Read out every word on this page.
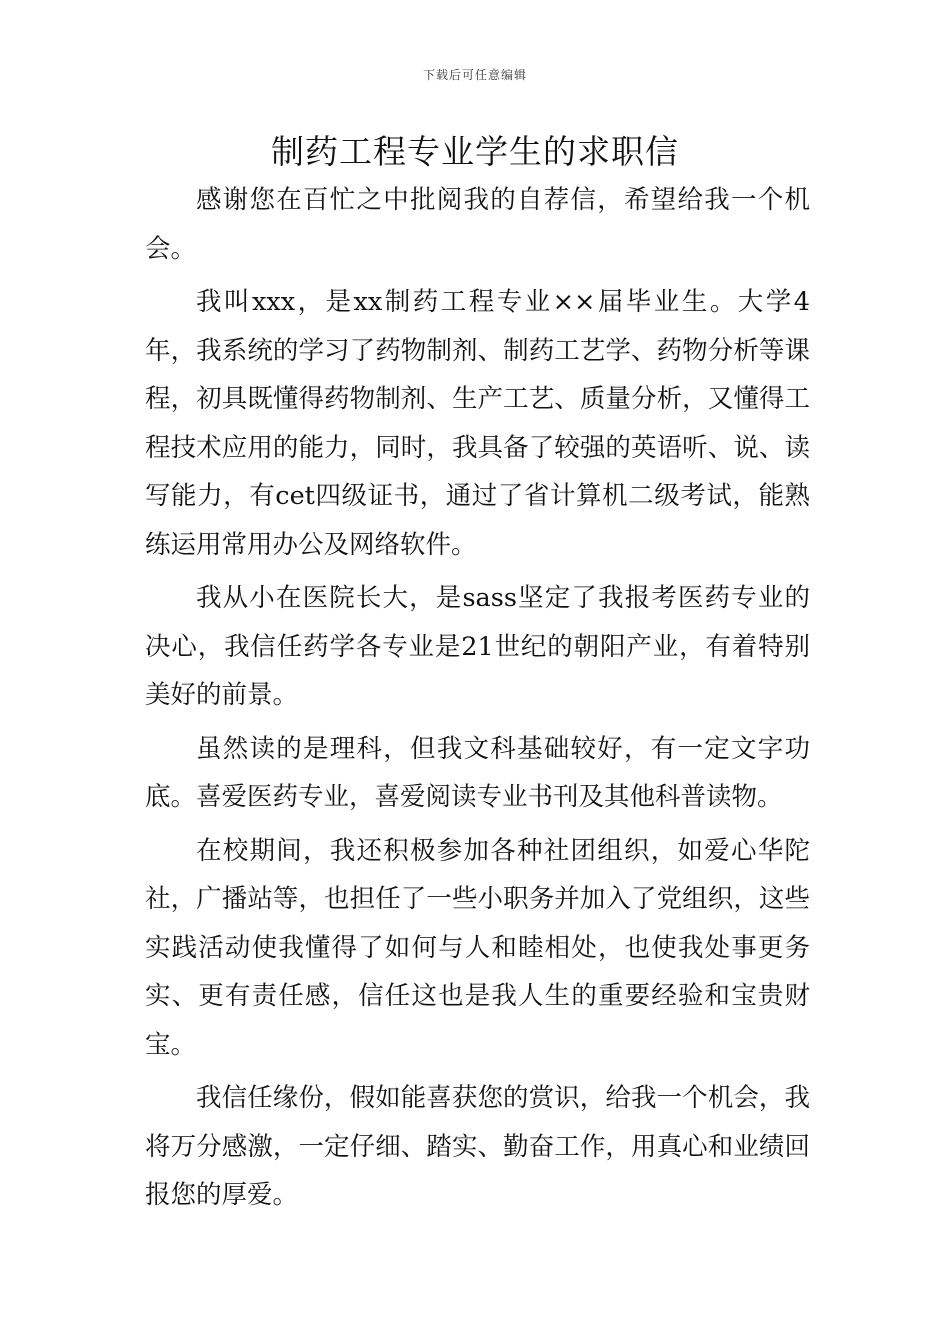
下载后可任意编辑
制药工程专业学生的求职信

感谢您在百忙之中批阅我的自荐信，希望给我一个机会。

我叫xxx，是xx制药工程专业××届毕业生。大学4年，我系统的学习了药物制剂、制药工艺学、药物分析等课程，初具既懂得药物制剂、生产工艺、质量分析，又懂得工程技术应用的能力，同时，我具备了较强的英语听、说、读写能力，有cet四级证书，通过了省计算机二级考试，能熟练运用常用办公及网络软件。

我从小在医院长大，是sass坚定了我报考医药专业的决心，我信任药学各专业是21世纪的朝阳产业，有着特别美好的前景。

虽然读的是理科，但我文科基础较好，有一定文字功底。喜爱医药专业，喜爱阅读专业书刊及其他科普读物。

在校期间，我还积极参加各种社团组织，如爱心华陀社，广播站等，也担任了一些小职务并加入了党组织，这些实践活动使我懂得了如何与人和睦相处，也使我处事更务实、更有责任感，信任这也是我人生的重要经验和宝贵财宝。

我信任缘份，假如能喜获您的赏识，给我一个机会，我将万分感激，一定仔细、踏实、勤奋工作，用真心和业绩回报您的厚爱。
